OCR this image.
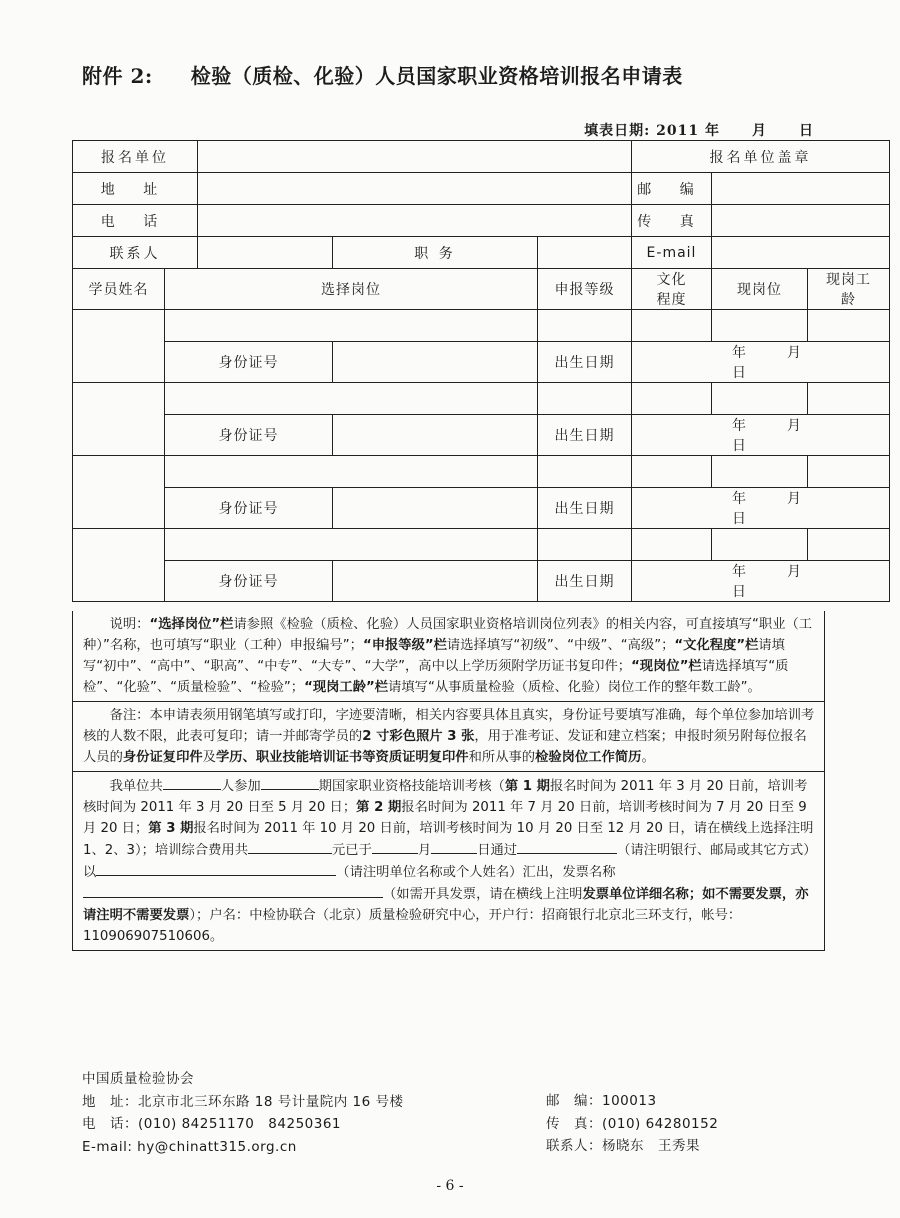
附件 2: 检验（质检、化验）人员国家职业资格培训报名申请表
填表日期: 2011 年 月 日
报名单位					报名单位盖章		
地 址					邮 编		
电 话					传 真		
联系人			职 务		E-mail		
学员姓名	选择岗位			申报等级	文化程度	现岗位	现岗工龄

	身份证号			出生日期	年 月日		

	身份证号			出生日期	年 月日		

	身份证号			出生日期	年 月日		

	身份证号			出生日期	年 月日		

说明：“选择岗位”栏请参照《检验（质检、化验）人员国家职业资格培训岗位列表》的相关内容，可直接填写“职业（工种）”名称，也可填写“职业（工种）申报编号”；“申报等级”栏请选择填写“初级”、“中级”、“高级”；“文化程度”栏请填写“初中”、“高中”、“职高”、“中专”、“大专”、“大学”，高中以上学历须附学历证书复印件；“现岗位”栏请选择填写“质检”、“化验”、“质量检验”、“检验”；“现岗工龄”栏请填写“从事质量检验（质检、化验）岗位工作的整年数工龄”。

备注：本申请表须用钢笔填写或打印，字迹要清晰，相关内容要具体且真实，身份证号要填写准确，每个单位参加培训考核的人数不限，此表可复印；请一并邮寄学员的2 寸彩色照片 3 张，用于准考证、发证和建立档案；申报时须另附每位报名人员的身份证复印件及学历、职业技能培训证书等资质证明复印件和所从事的检验岗位工作简历。

我单位共	人参加	期国家职业资格技能培训考核（第 1 期报名时间为 2011 年 3 月 20 日前，培训考核时间为 2011 年 3 月 20 日至 5 月 20 日；第 2 期报名时间为 2011 年 7 月 20 日前，培训考核时间为 7 月 20 日至 9 月 20 日；第 3 期报名时间为 2011 年 10 月 20 日前，培训考核时间为 10 月 20 日至 12 月 20 日，请在横线上选择注明 1、2、3）；培训综合费用共	元已于	月	日通过	（请注明银行、邮局或其它方式）以	（请注明单位名称或个人姓名）汇出，发票名称（如需开具发票，请在横线上注明发票单位详细名称；如不需要发票，亦请注明不需要发票）；户名：中检协联合（北京）质量检验研究中心，开户行：招商银行北京北三环支行，帐号：110906907510606。

中国质量检验协会
地　址：北京市北三环东路 18 号计量院内 16 号楼
电　话：(010) 84251170　84250361
E-mail: hy@chinatt315.org.cn
邮　编：100013
传　真：(010) 64280152
联系人：杨晓东　王秀果
- 6 -
